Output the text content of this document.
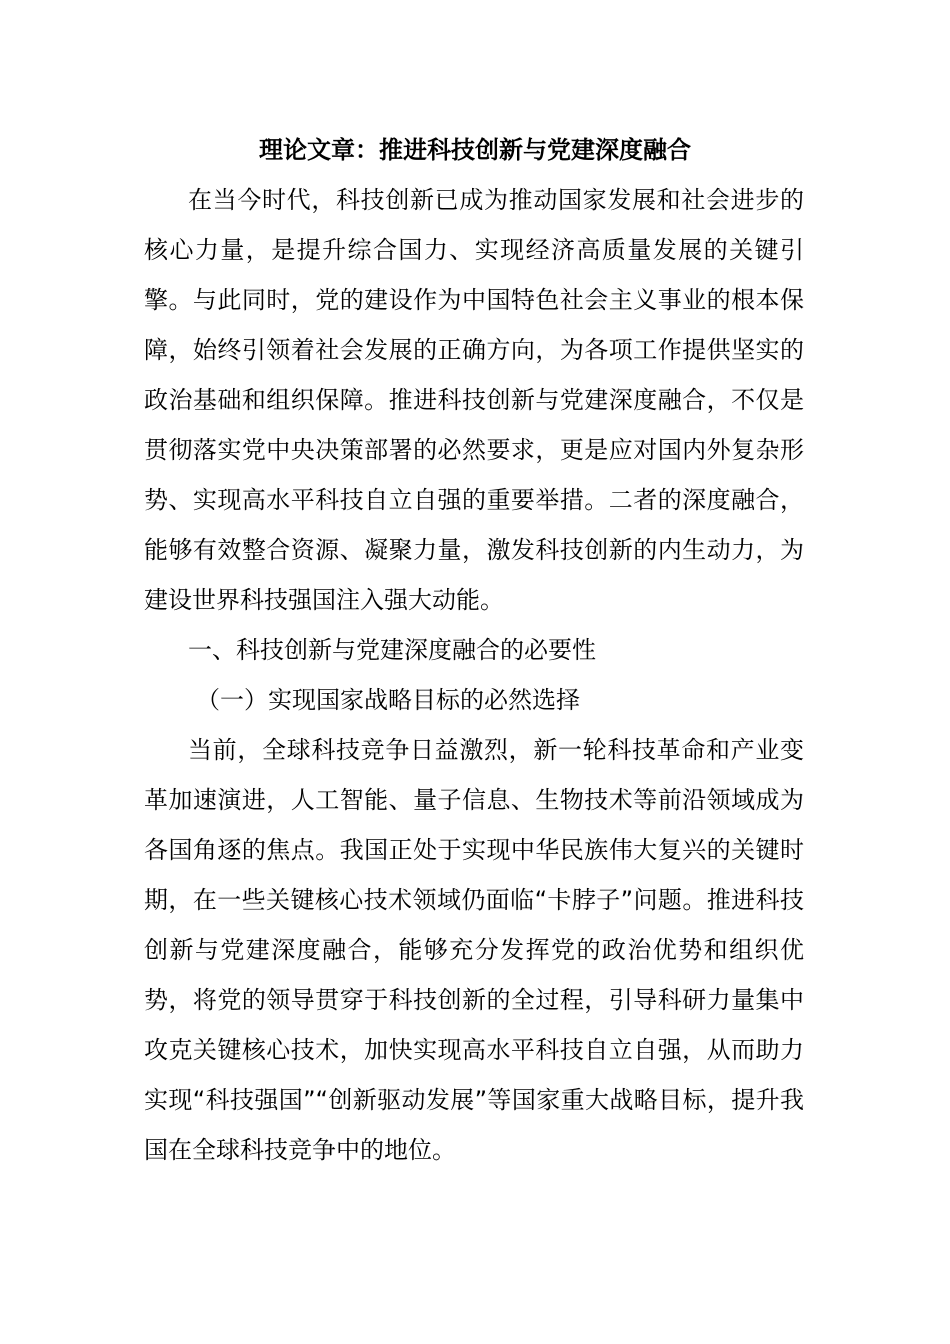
理论文章：推进科技创新与党建深度融合

在当今时代，科技创新已成为推动国家发展和社会进步的核心力量，是提升综合国力、实现经济高质量发展的关键引擎。与此同时，党的建设作为中国特色社会主义事业的根本保障，始终引领着社会发展的正确方向，为各项工作提供坚实的政治基础和组织保障。推进科技创新与党建深度融合，不仅是贯彻落实党中央决策部署的必然要求，更是应对国内外复杂形势、实现高水平科技自立自强的重要举措。二者的深度融合，能够有效整合资源、凝聚力量，激发科技创新的内生动力，为建设世界科技强国注入强大动能。

一、科技创新与党建深度融合的必要性

（一）实现国家战略目标的必然选择

当前，全球科技竞争日益激烈，新一轮科技革命和产业变革加速演进，人工智能、量子信息、生物技术等前沿领域成为各国角逐的焦点。我国正处于实现中华民族伟大复兴的关键时期，在一些关键核心技术领域仍面临“卡脖子”问题。推进科技创新与党建深度融合，能够充分发挥党的政治优势和组织优势，将党的领导贯穿于科技创新的全过程，引导科研力量集中攻克关键核心技术，加快实现高水平科技自立自强，从而助力实现“科技强国”“创新驱动发展”等国家重大战略目标，提升我国在全球科技竞争中的地位。
